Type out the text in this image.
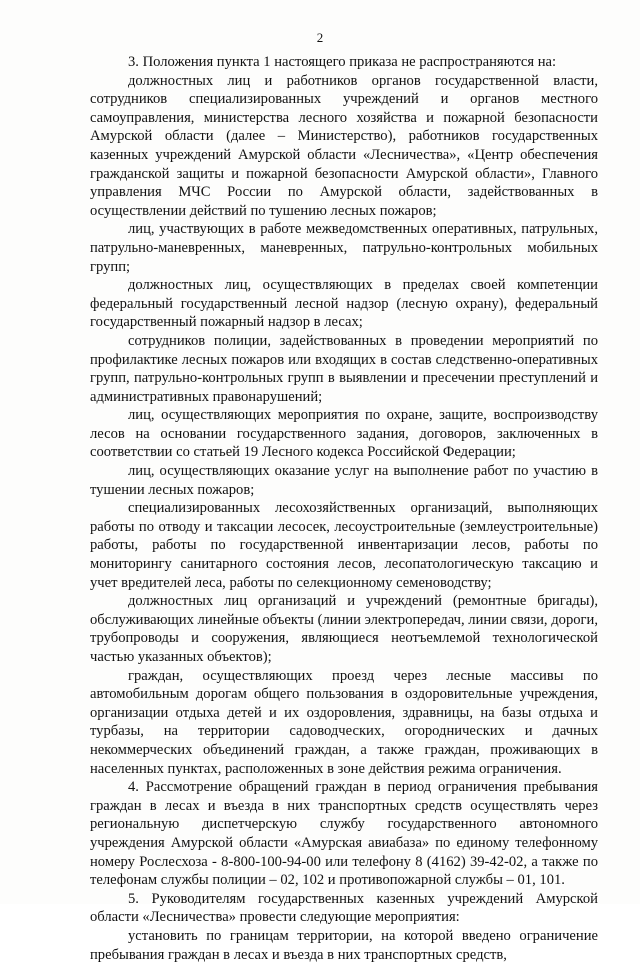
2

3. Положения пункта 1 настоящего приказа не распространяются на:

должностных лиц и работников органов государственной власти, сотрудников специализированных учреждений и органов местного самоуправления, министерства лесного хозяйства и пожарной безопасности Амурской области (далее – Министерство), работников государственных казенных учреждений Амурской области «Лесничества», «Центр обеспечения гражданской защиты и пожарной безопасности Амурской области», Главного управления МЧС России по Амурской области, задействованных в осуществлении действий по тушению лесных пожаров;

лиц, участвующих в работе межведомственных оперативных, патрульных, патрульно-маневренных, маневренных, патрульно-контрольных мобильных групп;

должностных лиц, осуществляющих в пределах своей компетенции федеральный государственный лесной надзор (лесную охрану), федеральный государственный пожарный надзор в лесах;

сотрудников полиции, задействованных в проведении мероприятий по профилактике лесных пожаров или входящих в состав следственно-оперативных групп, патрульно-контрольных групп в выявлении и пресечении преступлений и административных правонарушений;

лиц, осуществляющих мероприятия по охране, защите, воспроизводству лесов на основании государственного задания, договоров, заключенных в соответствии со статьей 19 Лесного кодекса Российской Федерации;

лиц, осуществляющих оказание услуг на выполнение работ по участию в тушении лесных пожаров;

специализированных лесохозяйственных организаций, выполняющих работы по отводу и таксации лесосек, лесоустроительные (землеустроительные) работы, работы по государственной инвентаризации лесов, работы по мониторингу санитарного состояния лесов, лесопатологическую таксацию и учет вредителей леса, работы по селекционному семеноводству;

должностных лиц организаций и учреждений (ремонтные бригады), обслуживающих линейные объекты (линии электропередач, линии связи, дороги, трубопроводы и сооружения, являющиеся неотъемлемой технологической частью указанных объектов);

граждан, осуществляющих проезд через лесные массивы по автомобильным дорогам общего пользования в оздоровительные учреждения, организации отдыха детей и их оздоровления, здравницы, на базы отдыха и турбазы, на территории садоводческих, огороднических и дачных некоммерческих объединений граждан, а также граждан, проживающих в населенных пунктах, расположенных в зоне действия режима ограничения.

4. Рассмотрение обращений граждан в период ограничения пребывания граждан в лесах и въезда в них транспортных средств осуществлять через региональную диспетчерскую службу государственного автономного учреждения Амурской области «Амурская авиабаза» по единому телефонному номеру Рослесхоза - 8-800-100-94-00 или телефону 8 (4162) 39-42-02, а также по телефонам службы полиции – 02, 102 и противопожарной службы – 01, 101.

5. Руководителям государственных казенных учреждений Амурской области «Лесничества» провести следующие мероприятия:

установить по границам территории, на которой введено ограничение пребывания граждан в лесах и въезда в них транспортных средств,
